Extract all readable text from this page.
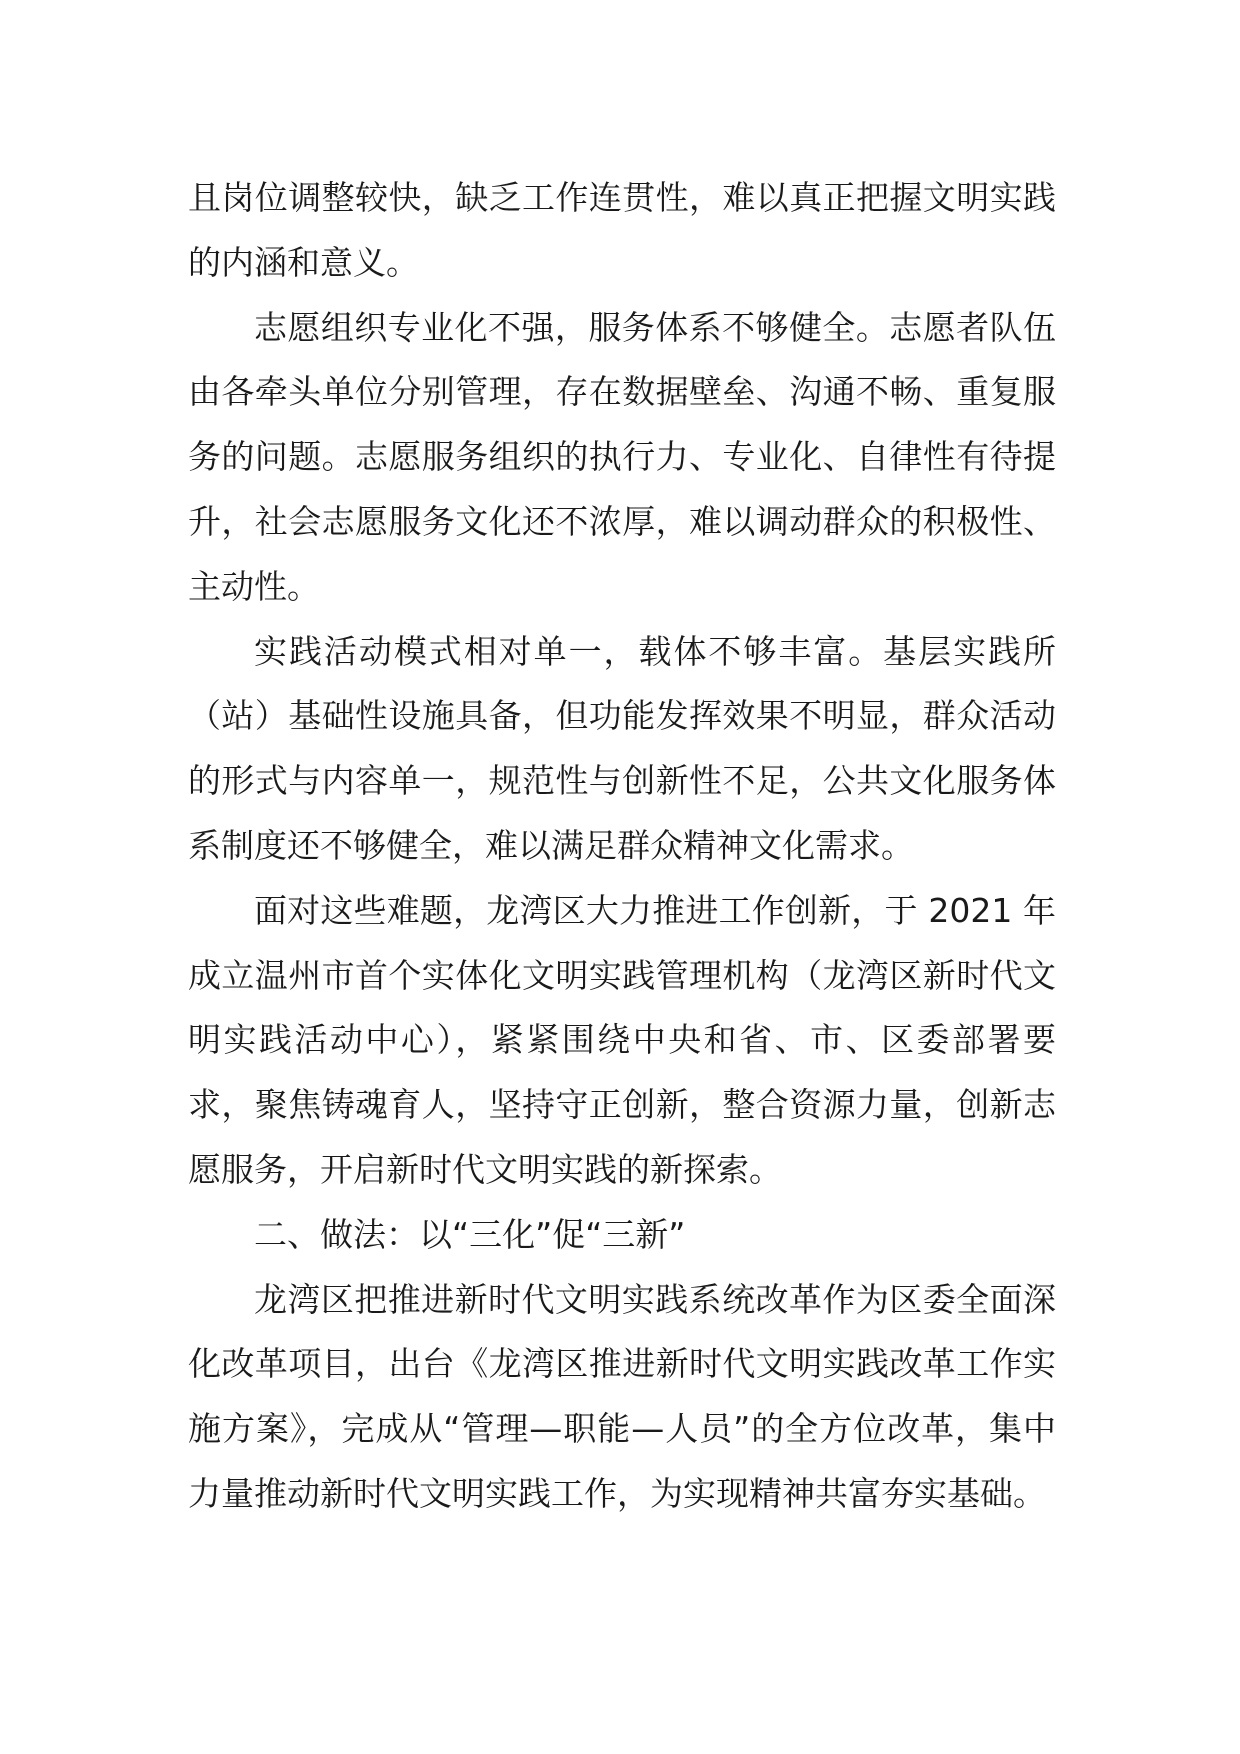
且岗位调整较快，缺乏工作连贯性，难以真正把握文明实践的内涵和意义。

志愿组织专业化不强，服务体系不够健全。志愿者队伍由各牵头单位分别管理，存在数据壁垒、沟通不畅、重复服务的问题。志愿服务组织的执行力、专业化、自律性有待提升，社会志愿服务文化还不浓厚，难以调动群众的积极性、主动性。

实践活动模式相对单一，载体不够丰富。基层实践所（站）基础性设施具备，但功能发挥效果不明显，群众活动的形式与内容单一，规范性与创新性不足，公共文化服务体系制度还不够健全，难以满足群众精神文化需求。

面对这些难题，龙湾区大力推进工作创新，于 2021 年成立温州市首个实体化文明实践管理机构（龙湾区新时代文明实践活动中心），紧紧围绕中央和省、市、区委部署要求，聚焦铸魂育人，坚持守正创新，整合资源力量，创新志愿服务，开启新时代文明实践的新探索。

二、做法：以“三化”促“三新”

龙湾区把推进新时代文明实践系统改革作为区委全面深化改革项目，出台《龙湾区推进新时代文明实践改革工作实施方案》，完成从“管理—职能—人员”的全方位改革，集中力量推动新时代文明实践工作，为实现精神共富夯实基础。
